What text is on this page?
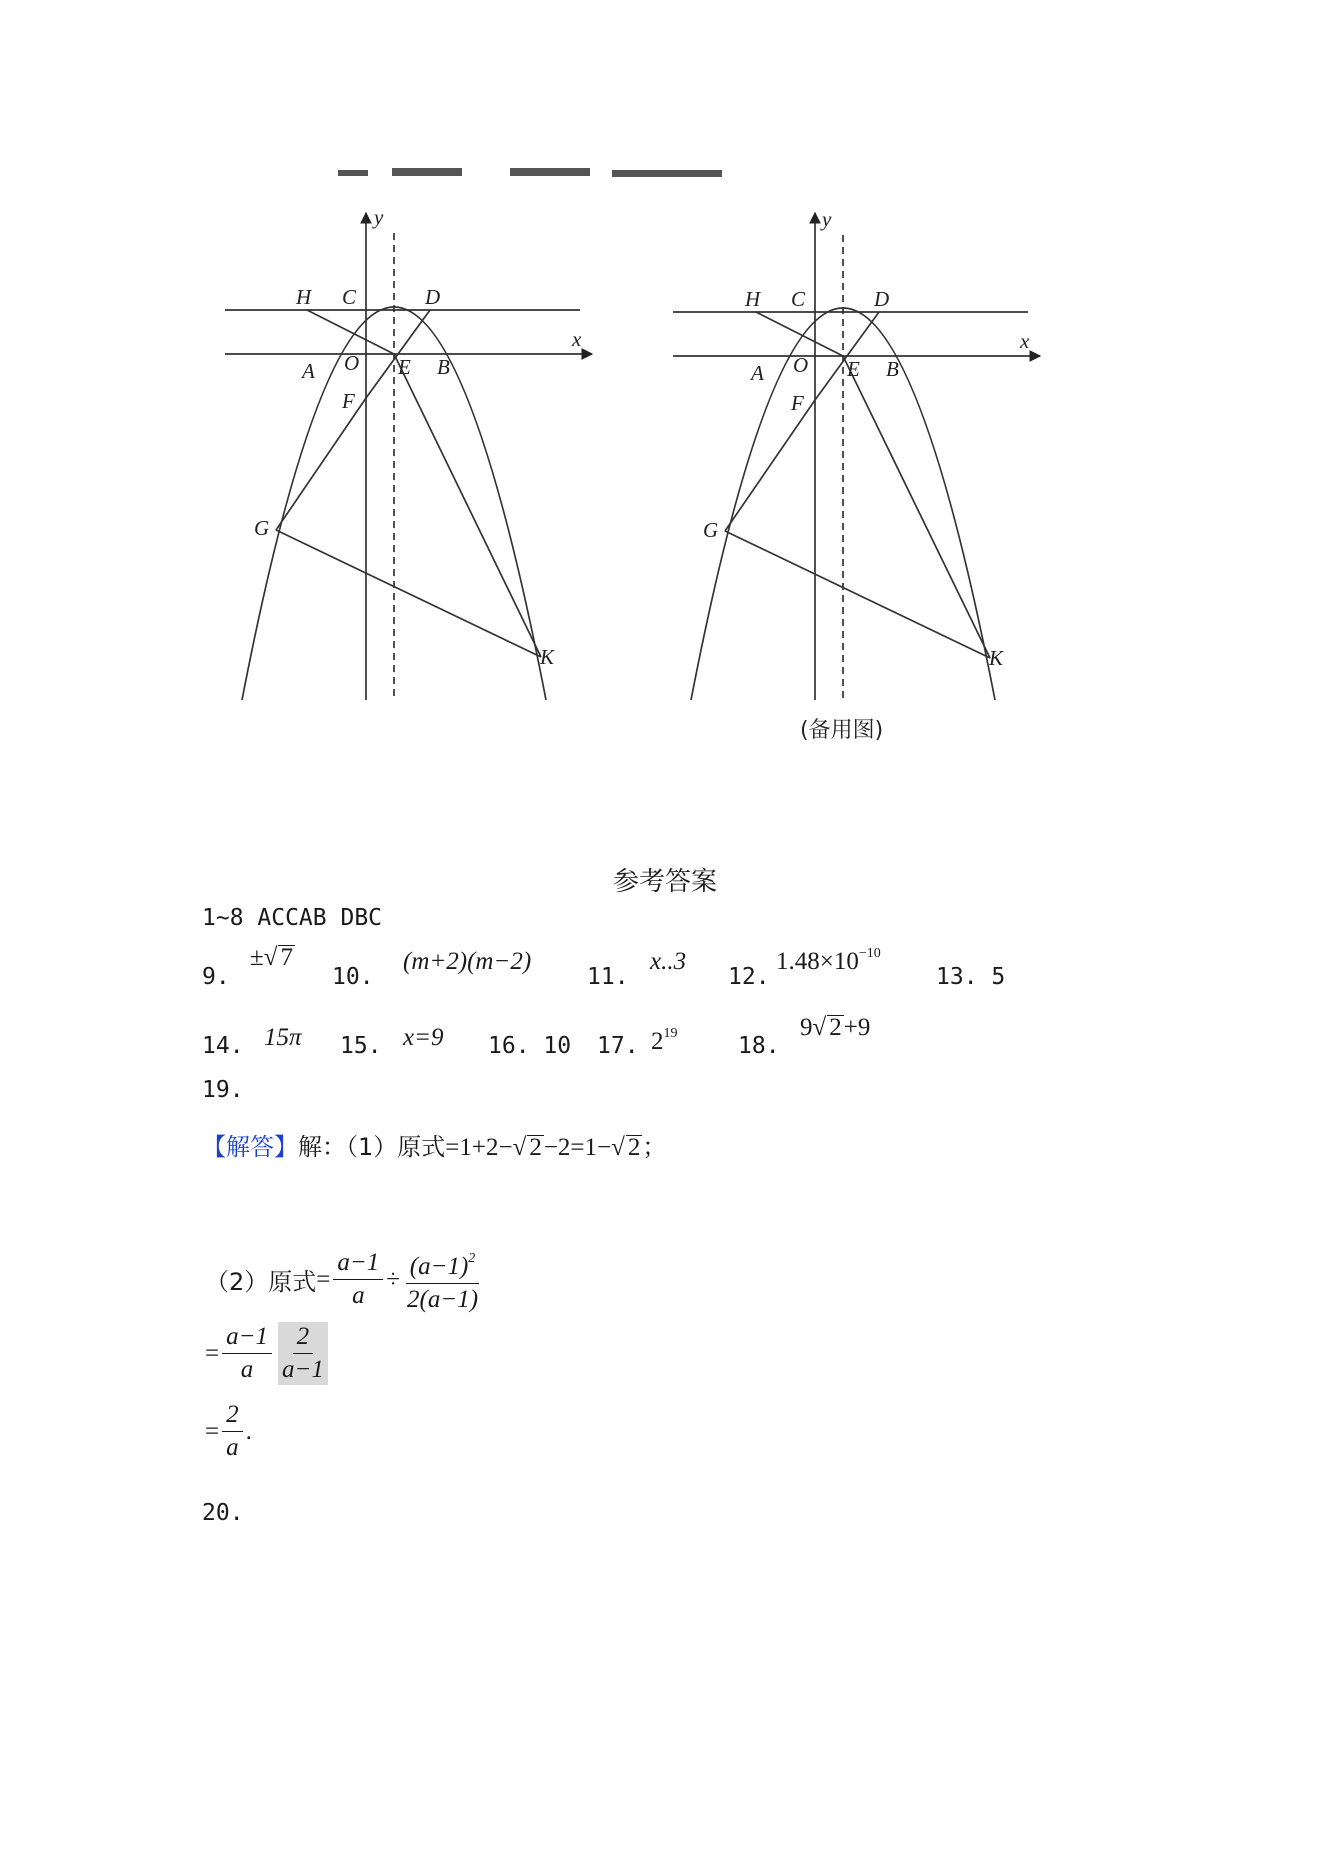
y
x
H C	D
A O E B
F
G
K
y
x
H C	D
A O E B
F
G
K
(备用图)
参考答案
1~8 ACCAB DBC
9.
±√ 7
10.
(m+2)(m−2)
11.
x..3
12.
$1.48\times 10^{-10}$
13. 5
14. 15π 15. x=9 16. 10 17. $2^{19}$	18.
9√ 2+9
19.
【解答】解：（1）原式=1+2−√ 2−2=1−√ 2；
（2）原式 = $\frac{a-1}{a} \div \frac{(a-1)^2}{2(a-1)}$
= $\frac{a-1}{a} \frac{2}{a-1}$
= $\frac{2}{a}$ .
20.
